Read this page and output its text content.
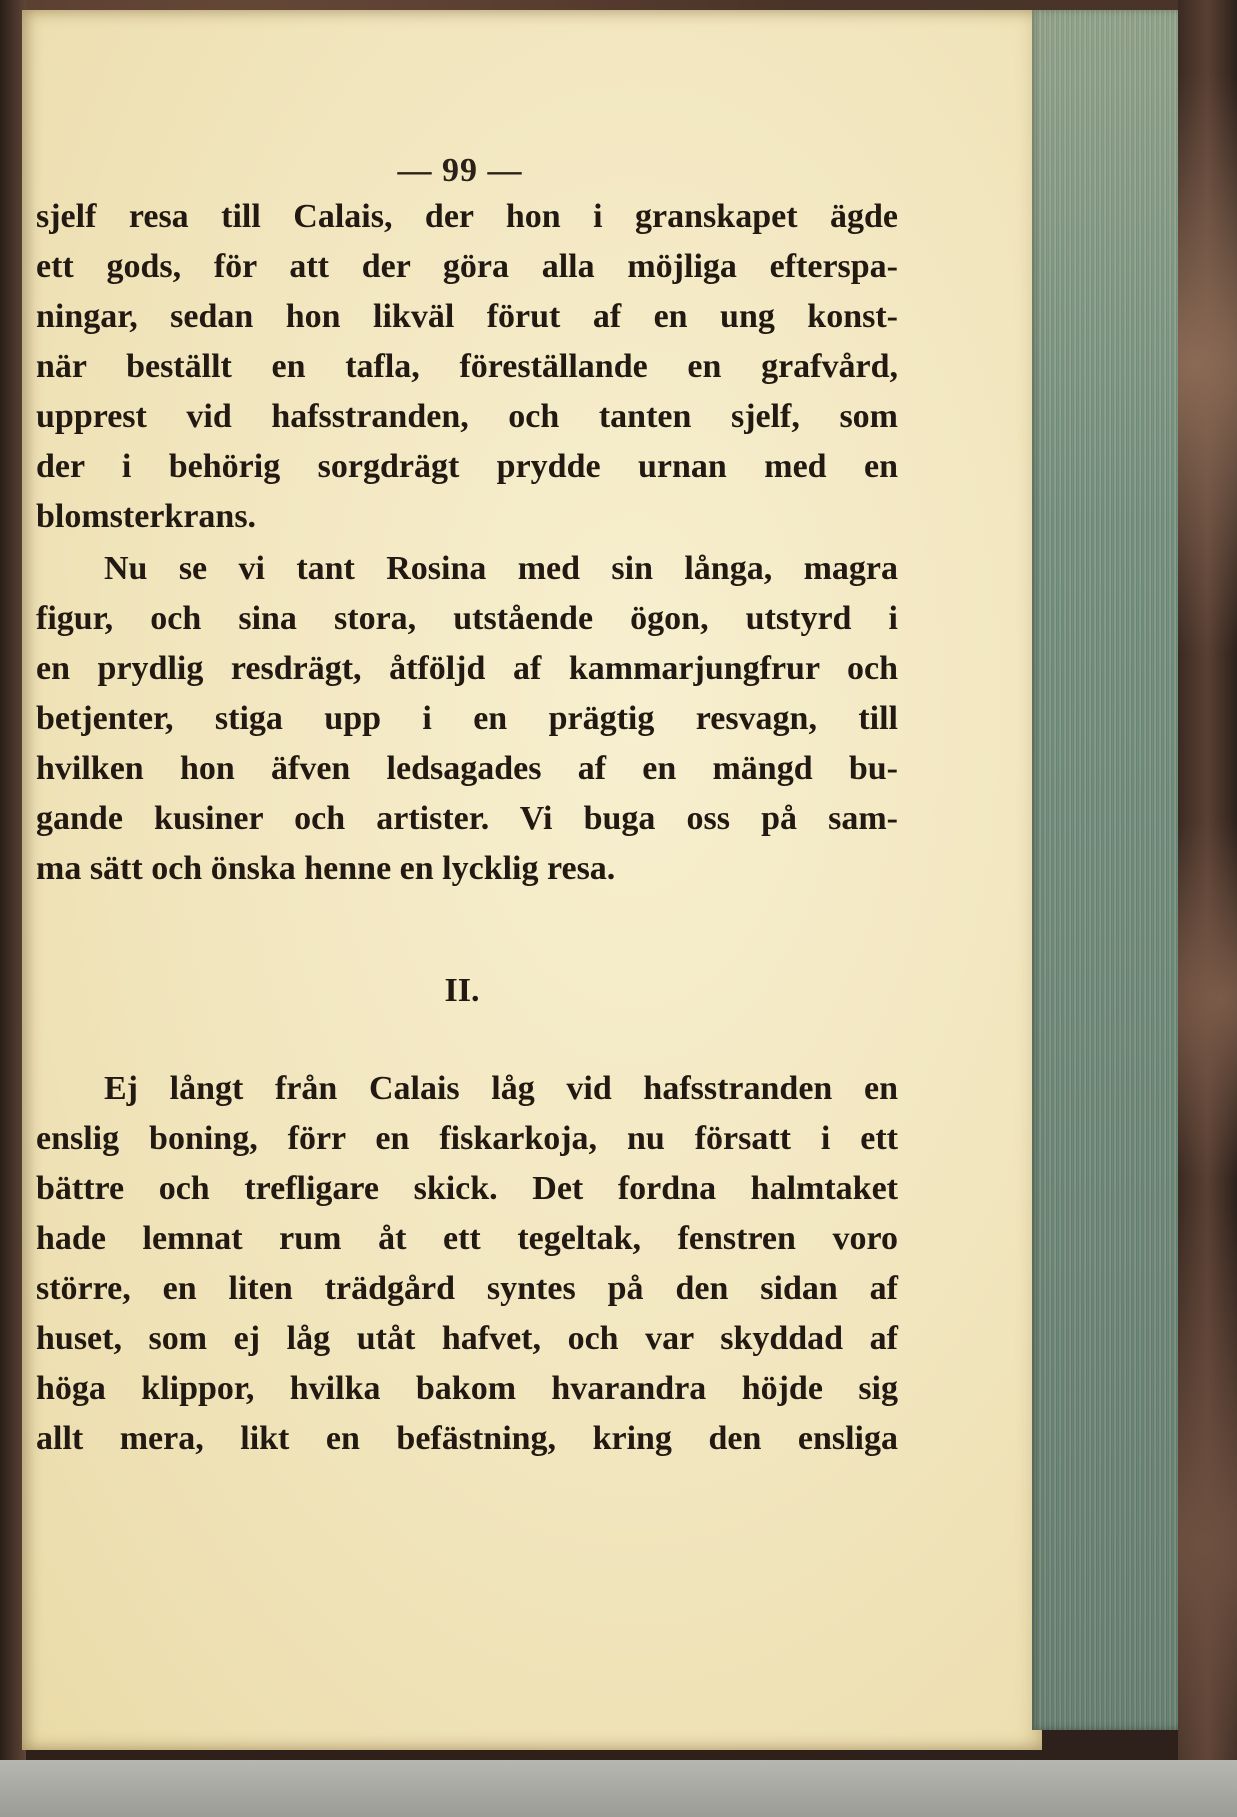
— 99 —
sjelf resa till Calais, der hon i granskapet ägde
ett gods, för att der göra alla möjliga efterspa-
ningar, sedan hon likväl förut af en ung konst-
när beställt en tafla, föreställande en grafvård,
upprest vid hafsstranden, och tanten sjelf, som
der i behörig sorgdrägt prydde urnan med en
blomsterkrans.
Nu se vi tant Rosina med sin långa, magra
figur, och sina stora, utstående ögon, utstyrd i
en prydlig resdrägt, åtföljd af kammarjungfrur och
betjenter, stiga upp i en prägtig resvagn, till
hvilken hon äfven ledsagades af en mängd bu-
gande kusiner och artister. Vi buga oss på sam-
ma sätt och önska henne en lycklig resa.
II.
Ej långt från Calais låg vid hafsstranden en
enslig boning, förr en fiskarkoja, nu försatt i ett
bättre och trefligare skick. Det fordna halmtaket
hade lemnat rum åt ett tegeltak, fenstren voro
större, en liten trädgård syntes på den sidan af
huset, som ej låg utåt hafvet, och var skyddad af
höga klippor, hvilka bakom hvarandra höjde sig
allt mera, likt en befästning, kring den ensliga
